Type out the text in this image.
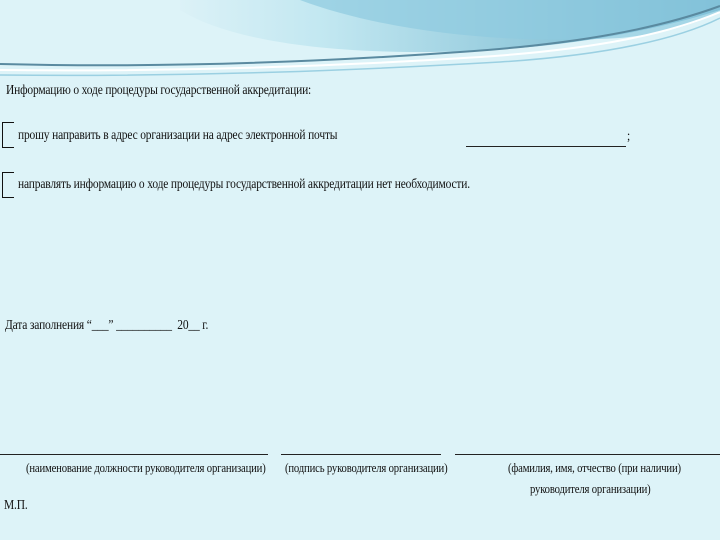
Информацию о ходе процедуры государственной аккредитации:
прошу направить в адрес организации на адрес электронной почты	;
направлять информацию о ходе процедуры государственной аккредитации нет необходимости.
Дата заполнения “___” __________ 20__ г.
(наименование должности руководителя организации) (подпись руководителя организации)	(фамилия, имя, отчество (при наличии)
руководителя организации)
М.П.
